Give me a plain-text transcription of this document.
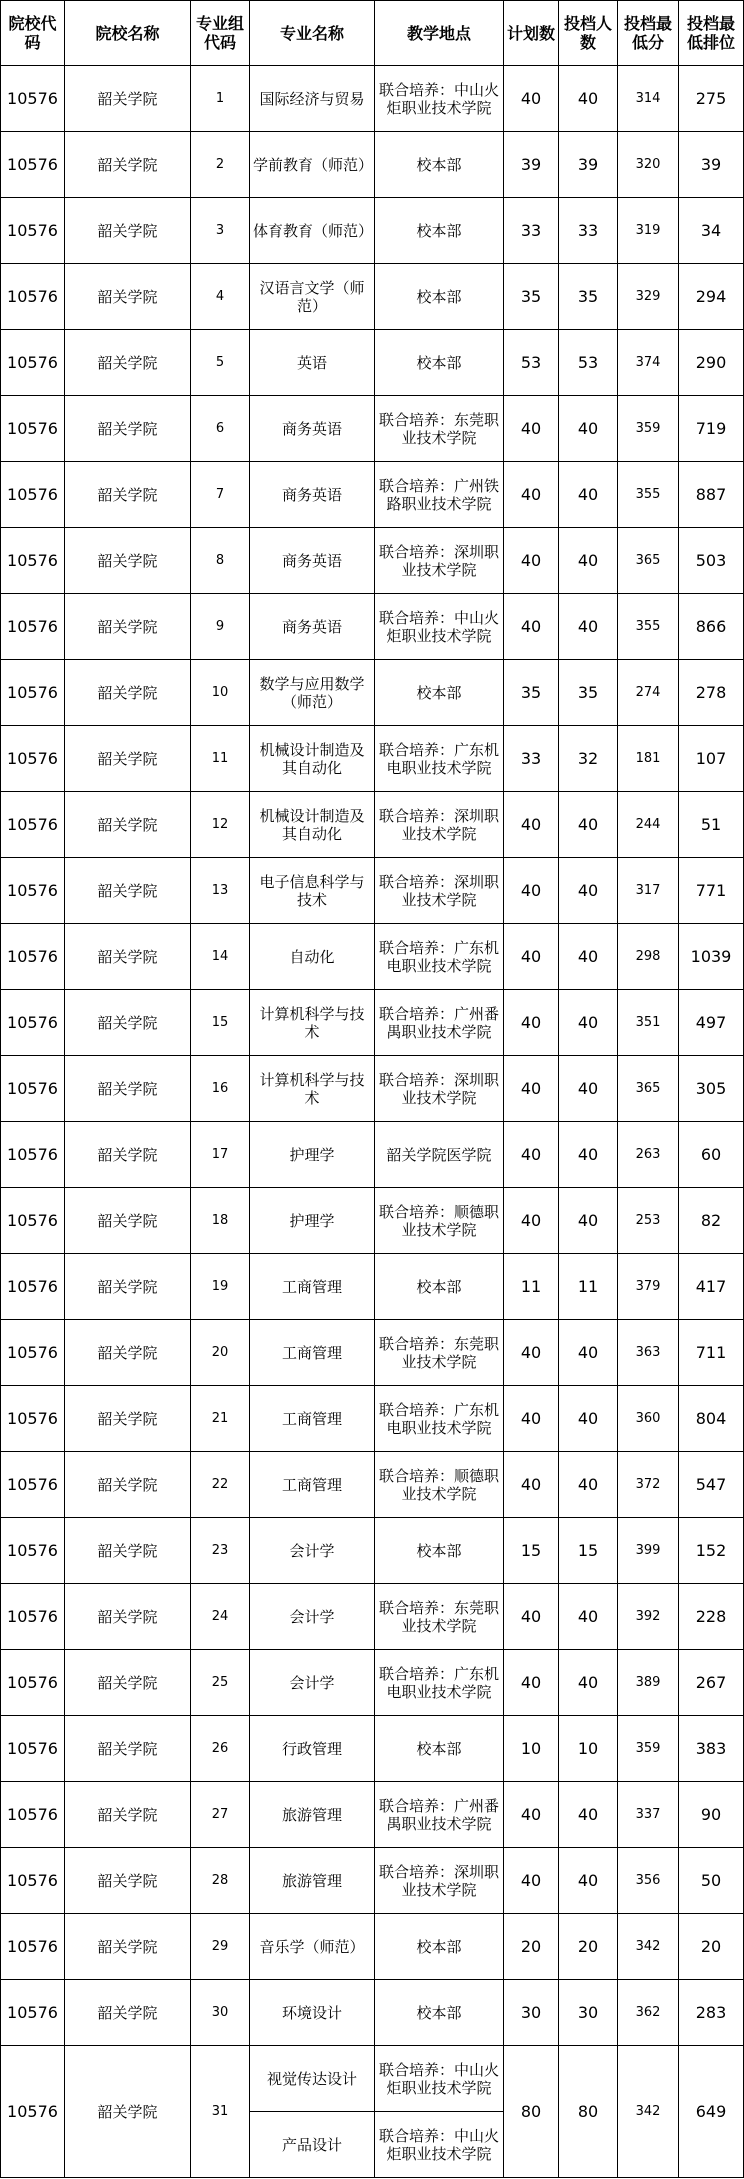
院校代码	院校名称	专业组代码	专业名称	教学地点	计划数	投档人数	投档最低分	投档最低排位
10576	韶关学院	1	国际经济与贸易	联合培养：中山火炬职业技术学院	40	40	314	275
10576	韶关学院	2	学前教育（师范）	校本部	39	39	320	39
10576	韶关学院	3	体育教育（师范）	校本部	33	33	319	34
10576	韶关学院	4	汉语言文学（师范）	校本部	35	35	329	294
10576	韶关学院	5	英语	校本部	53	53	374	290
10576	韶关学院	6	商务英语	联合培养：东莞职业技术学院	40	40	359	719
10576	韶关学院	7	商务英语	联合培养：广州铁路职业技术学院	40	40	355	887
10576	韶关学院	8	商务英语	联合培养：深圳职业技术学院	40	40	365	503
10576	韶关学院	9	商务英语	联合培养：中山火炬职业技术学院	40	40	355	866
10576	韶关学院	10	数学与应用数学（师范）	校本部	35	35	274	278
10576	韶关学院	11	机械设计制造及其自动化	联合培养：广东机电职业技术学院	33	32	181	107
10576	韶关学院	12	机械设计制造及其自动化	联合培养：深圳职业技术学院	40	40	244	51
10576	韶关学院	13	电子信息科学与技术	联合培养：深圳职业技术学院	40	40	317	771
10576	韶关学院	14	自动化	联合培养：广东机电职业技术学院	40	40	298	1039
10576	韶关学院	15	计算机科学与技术	联合培养：广州番禺职业技术学院	40	40	351	497
10576	韶关学院	16	计算机科学与技术	联合培养：深圳职业技术学院	40	40	365	305
10576	韶关学院	17	护理学	韶关学院医学院	40	40	263	60
10576	韶关学院	18	护理学	联合培养：顺德职业技术学院	40	40	253	82
10576	韶关学院	19	工商管理	校本部	11	11	379	417
10576	韶关学院	20	工商管理	联合培养：东莞职业技术学院	40	40	363	711
10576	韶关学院	21	工商管理	联合培养：广东机电职业技术学院	40	40	360	804
10576	韶关学院	22	工商管理	联合培养：顺德职业技术学院	40	40	372	547
10576	韶关学院	23	会计学	校本部	15	15	399	152
10576	韶关学院	24	会计学	联合培养：东莞职业技术学院	40	40	392	228
10576	韶关学院	25	会计学	联合培养：广东机电职业技术学院	40	40	389	267
10576	韶关学院	26	行政管理	校本部	10	10	359	383
10576	韶关学院	27	旅游管理	联合培养：广州番禺职业技术学院	40	40	337	90
10576	韶关学院	28	旅游管理	联合培养：深圳职业技术学院	40	40	356	50
10576	韶关学院	29	音乐学（师范）	校本部	20	20	342	20
10576	韶关学院	30	环境设计	校本部	30	30	362	283
10576	韶关学院	31	视觉传达设计	联合培养：中山火炬职业技术学院	80	80	342	649
			产品设计	联合培养：中山火炬职业技术学院				
